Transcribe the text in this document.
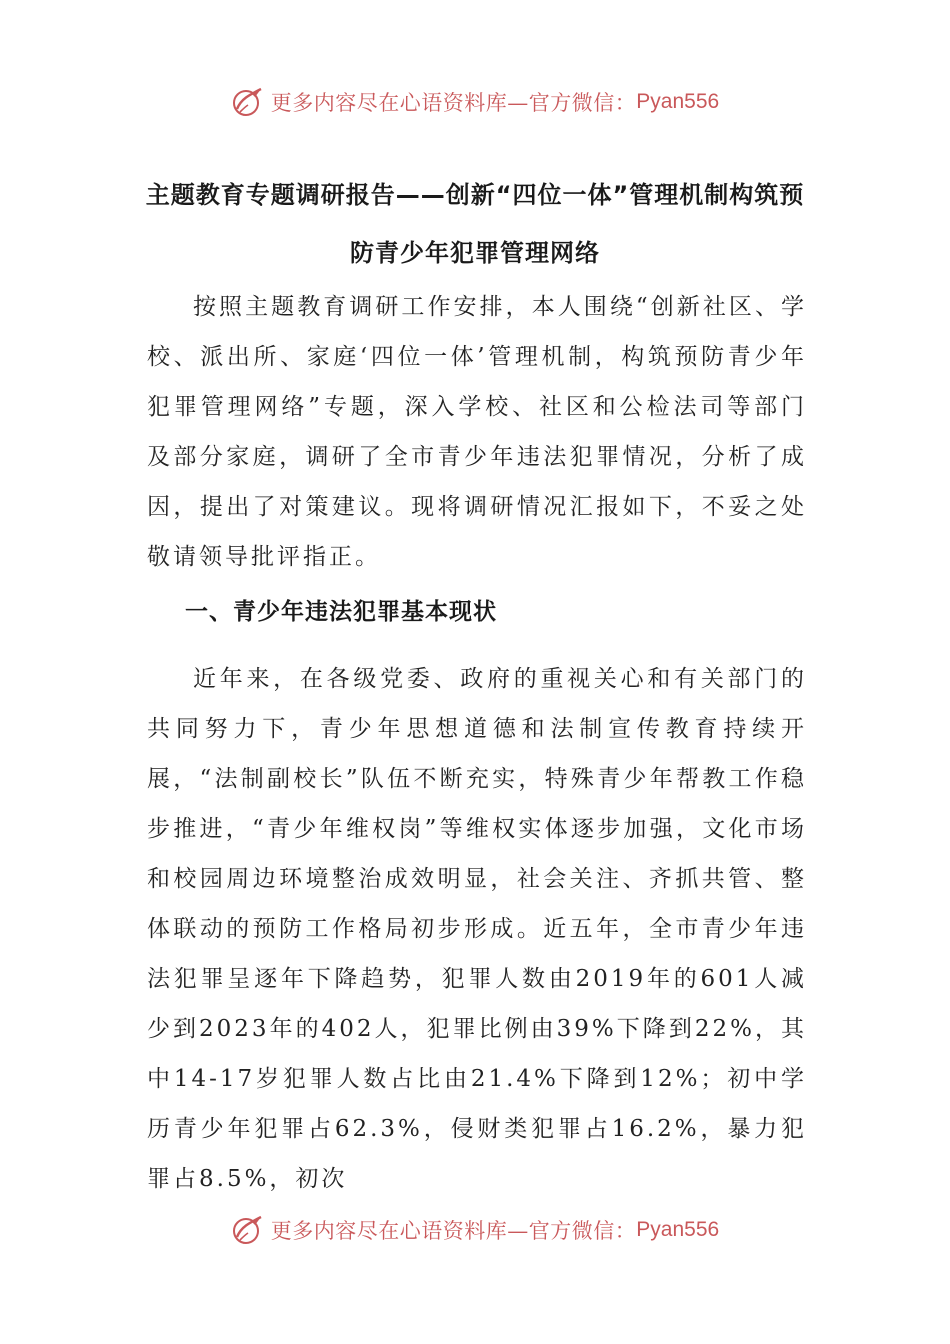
更多内容尽在心语资料库—官方微信： Pyan556
主题教育专题调研报告——创新“四位一体”管理机制构筑预防青少年犯罪管理网络

按照主题教育调研工作安排，本人围绕“创新社区、学校、派出所、家庭‘四位一体’管理机制，构筑预防青少年犯罪管理网络”专题，深入学校、社区和公检法司等部门及部分家庭，调研了全市青少年违法犯罪情况，分析了成因，提出了对策建议。现将调研情况汇报如下，不妥之处敬请领导批评指正。

一、青少年违法犯罪基本现状

近年来，在各级党委、政府的重视关心和有关部门的共同努力下，青少年思想道德和法制宣传教育持续开展，“法制副校长”队伍不断充实，特殊青少年帮教工作稳步推进，“青少年维权岗”等维权实体逐步加强，文化市场和校园周边环境整治成效明显，社会关注、齐抓共管、整体联动的预防工作格局初步形成。近五年，全市青少年违法犯罪呈逐年下降趋势，犯罪人数由2019年的601人减少到2023年的402人，犯罪比例由39%下降到22%，其中14-17岁犯罪人数占比由21.4%下降到12%；初中学历青少年犯罪占62.3%，侵财类犯罪占16.2%，暴力犯罪占8.5%，初次

更多内容尽在心语资料库—官方微信： Pyan556
